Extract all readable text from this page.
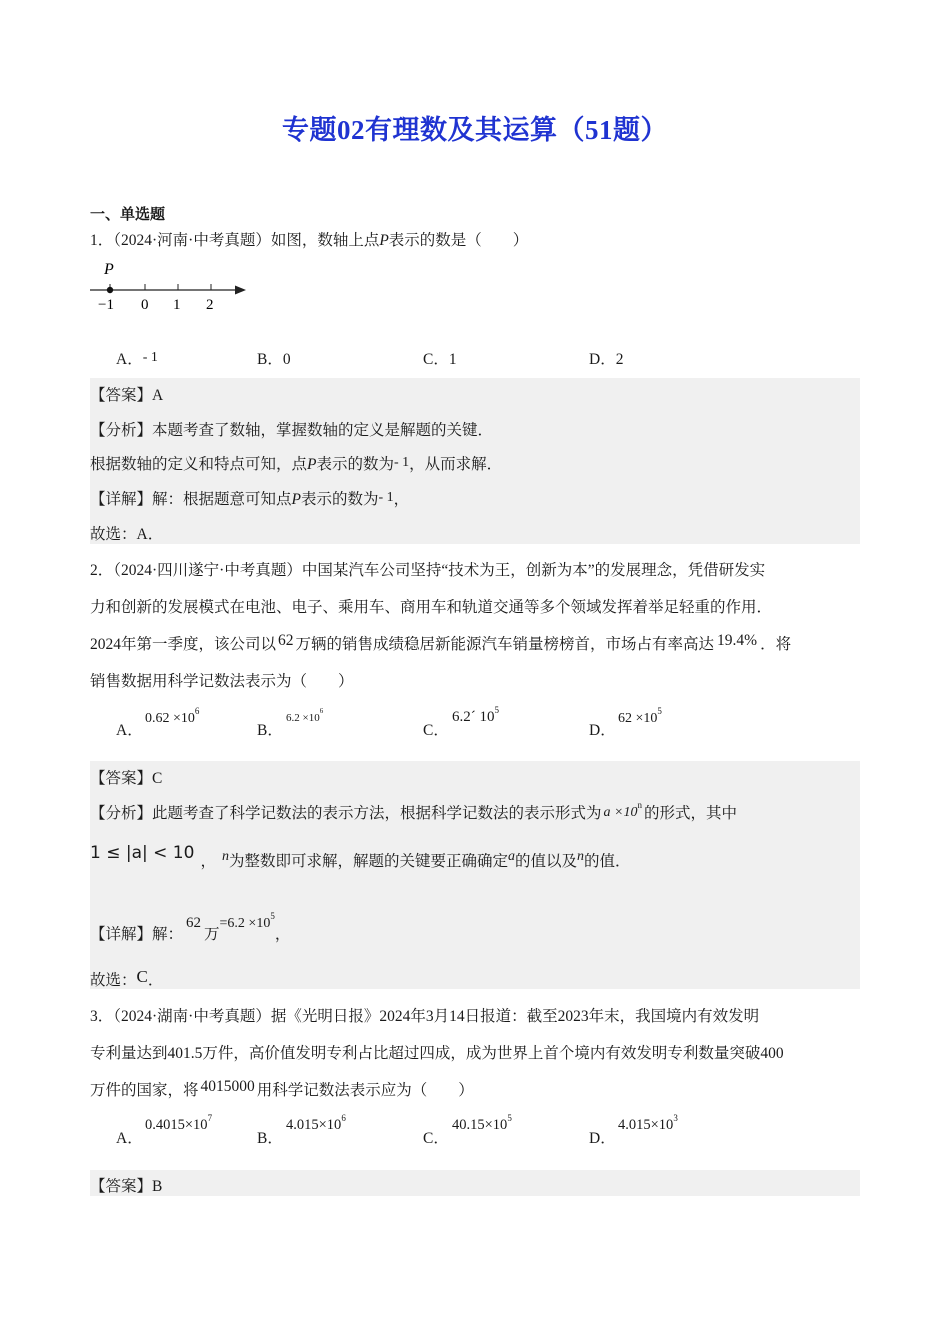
专题02有理数及其运算（51题）
一、单选题
1．（2024·河南·中考真题）如图，数轴上点P表示的数是（　　）
P
−1 0 1 2
A．- 1	B．0	C．1	D．2
【答案】A
【分析】本题考查了数轴，掌握数轴的定义是解题的关键．
根据数轴的定义和特点可知，点P表示的数为- 1，从而求解．
【详解】解：根据题意可知点P表示的数为- 1，
故选：A．
2．（2024·四川遂宁·中考真题）中国某汽车公司坚持“技术为王，创新为本”的发展理念，凭借研发实
力和创新的发展模式在电池、电子、乘用车、商用车和轨道交通等多个领域发挥着举足轻重的作用．
2024年第一季度，该公司以 62 万辆的销售成绩稳居新能源汽车销量榜榜首，市场占有率高达 19.4% ．将
销售数据用科学记数法表示为（　　）
A．
$0.62 \times 10^6$
B．
$6.2 \times 10^6$
C．
6.2´ $10^5$
D．
$62 \times 10^5$
【答案】C
【分析】此题考查了科学记数法的表示方法，根据科学记数法的表示形式为 $a \times 10^n$ 的形式，其中
1 ≤ |a| < 10 ， n为整数即可求解，解题的关键要正确确定a的值以及n的值．
【详解】解：62万$=6.2 \times 10^5$，
故选：C．
3．（2024·湖南·中考真题）据《光明日报》2024年3月14日报道：截至2023年末，我国境内有效发明
专利量达到401.5万件，高价值发明专利占比超过四成，成为世界上首个境内有效发明专利数量突破400
万件的国家，将 4015000 用科学记数法表示应为（　　）
A．
$0.4015\times 10^7$
B．
$4.015\times 10^6$
C．
$40.15\times 10^5$
D．
$4.015\times 10^3$
【答案】B
